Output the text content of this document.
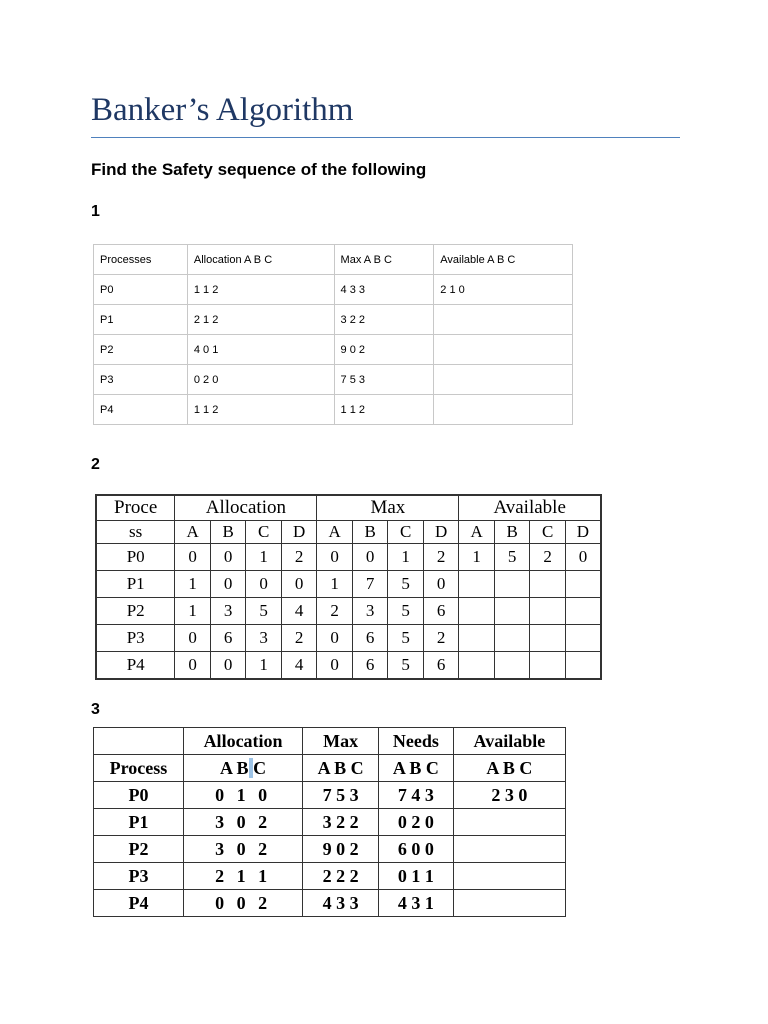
Banker’s Algorithm

Find the Safety sequence of the following

1
2
3
Processes	Allocation A B C	Max A B C	Available A B C
P0	1 1 2	4 3 3	2 1 0
P1	2 1 2	3 2 2	
P2	4 0 1	9 0 2	
P3	0 2 0	7 5 3	
P4	1 1 2	1 1 2	
Proce	Allocation				Max				Available			
ss	A	B	C	D	A	B	C	D	A	B	C	D
P0	0	0	1	2	0	0	1	2	1	5	2	0
P1	1	0	0	0	1	7	5	0				
P2	1	3	5	4	2	3	5	6				
P3	0	6	3	2	0	6	5	2				
P4	0	0	1	4	0	6	5	6				
	Allocation	Max	Needs	Available
Process	A B C	A B C	A B C	A B C
P0	0 1 0	7 5 3	7 4 3	2 3 0
P1	3 0 2	3 2 2	0 2 0	
P2	3 0 2	9 0 2	6 0 0	
P3	2 1 1	2 2 2	0 1 1	
P4	0 0 2	4 3 3	4 3 1	
